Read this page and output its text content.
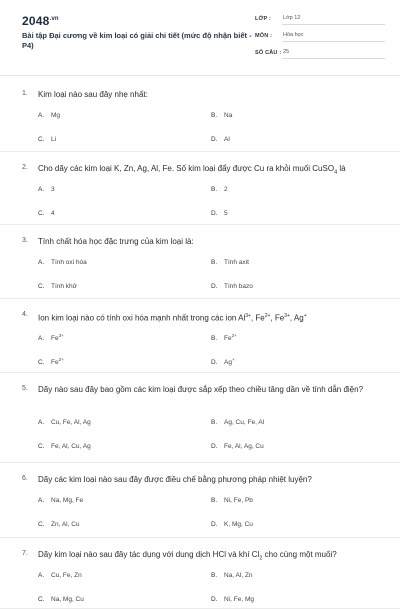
$2048^{.vn}$
Bài tập Đại cương về kim loại có giải chi tiết (mức độ nhận biết - P4)
LỚP : Lớp 12
MÔN : Hóa học
SỐ CÂU : 25
1. Kim loại nào sau đây nhẹ nhất:
A. Mg	B. Na
C. Li	D. Al
2. Cho dãy các kim loại K, Zn, Ag, Al, Fe. Số kim loại đẩy được Cu ra khỏi muối CuSO$_4$ là
A. 3	B. 2
C. 4	D. 5
3. Tính chất hóa học đặc trưng của kim loại là:
A. Tính oxi hóa	B. Tính axit
C. Tính khử	D. Tính bazo
4. Ion kim loại nào có tính oxi hóa mạnh nhất trong các ion $Al^{3+}$, $Fe^{2+}$, $Fe^{3+}$, Ag+
A. $Fe^{3+}$	B. $Fe^{2+}$
C. $Fe^{2+}$	D. Ag+
5. Dãy nào sau đây bao gồm các kim loại được sắp xếp theo chiều tăng dần về tính dẫn điện?
A. Cu, Fe, Al, Ag	B. Ag, Cu, Fe, Al
C. Fe, Al, Cu, Ag	D. Fe, Al, Ag, Cu
6. Dãy các kim loại nào sau đây được điều chế bằng phương pháp nhiệt luyện?
A. Na, Mg, Fe	B. Ni, Fe, Pb
C. Zn, Al, Cu	D. K, Mg, Cu
7. Dãy kim loại nào sau đây tác dụng với dung dịch HCl và khí $Cl_2$ cho cùng một muối?
A. Cu, Fe, Zn	B. Na, Al, Zn
C. Na, Mg, Cu	D. Ni, Fe, Mg
